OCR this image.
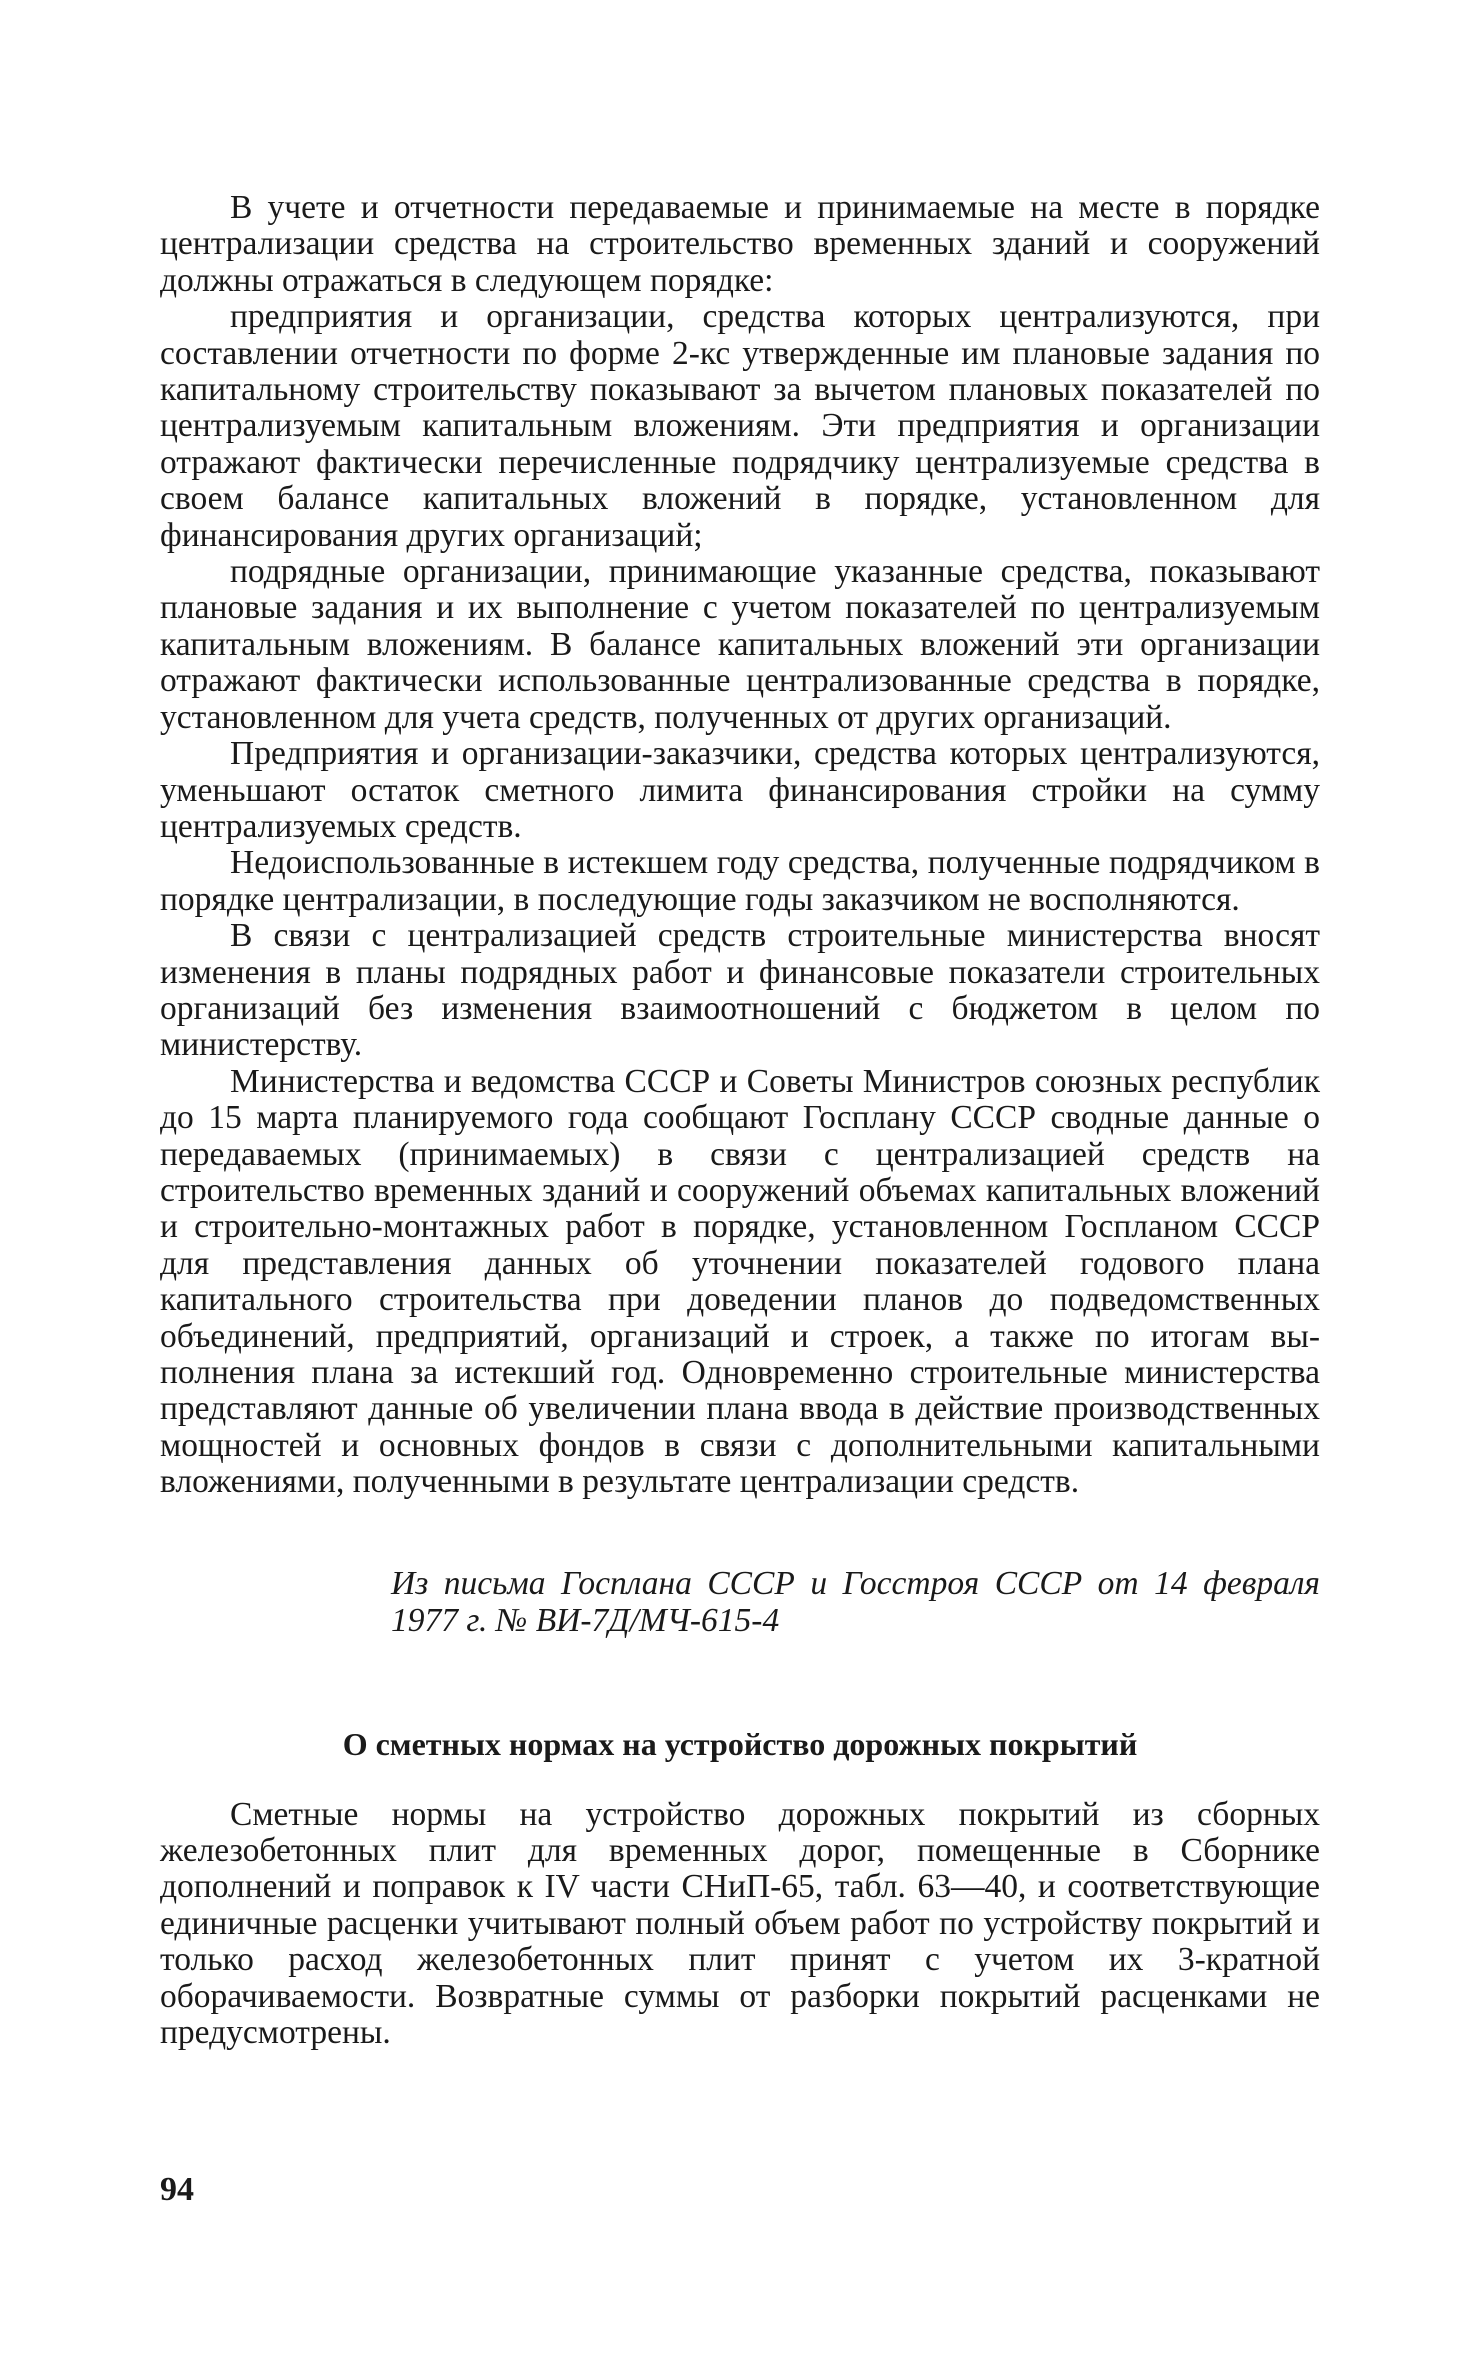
В учете и отчетности передаваемые и принимаемые на месте в порядке централизации средства на строительство временных зданий и сооружений должны отражаться в следующем порядке:

предприятия и организации, средства которых централизуются, при составлении отчетности по форме 2-кс утвержденные им плановые задания по капитальному строительству показывают за вычетом плановых показателей по централизуемым капитальным вложениям. Эти предприятия и организации отражают фактически перечисленные подрядчику централизуемые средства в своем балансе капитальных вложений в порядке, установленном для финансирования других организаций;

подрядные организации, принимающие указанные средства, показывают плановые задания и их выполнение с учетом показателей по централизуемым капитальным вложениям. В балансе капитальных вложений эти организации отражают фактически использованные централизованные средства в порядке, установленном для учета средств, полученных от других организаций.

Предприятия и организации-заказчики, средства которых централизуются, уменьшают остаток сметного лимита финансирования стройки на сумму централизуемых средств.

Недоиспользованные в истекшем году средства, полученные подрядчиком в порядке централизации, в последующие годы заказчиком не восполняются.

В связи с централизацией средств строительные министерства вносят изменения в планы подрядных работ и финансовые показатели строительных организаций без изменения взаимоотношений с бюджетом в целом по министерству.

Министерства и ведомства СССР и Советы Министров союзных республик до 15 марта планируемого года сообщают Госплану СССР сводные данные о передаваемых (принимаемых) в связи с централизацией средств на строительство временных зданий и сооружений объемах капитальных вложений и строительно-монтажных работ в порядке, установленном Госпланом СССР для представления данных об уточнении показателей годового плана капитального строительства при доведении планов до подведомственных объединений, предприятий, организаций и строек, а также по итогам выполнения плана за истекший год. Одновременно строительные министерства представляют данные об увеличении плана ввода в действие производственных мощностей и основных фондов в связи с дополнительными капитальными вложениями, полученными в результате централизации средств.

Из письма Госплана СССР и Госстроя СССР от 14 февраля 1977 г. № ВИ-7Д/МЧ-615-4
О сметных нормах на устройство дорожных покрытий

Сметные нормы на устройство дорожных покрытий из сборных железобетонных плит для временных дорог, помещенные в Сборнике дополнений и поправок к IV части СНиП-65, табл. 63—40, и соответствующие единичные расценки учитывают полный объем работ по устройству покрытий и только расход железобетонных плит принят с учетом их 3-кратной оборачиваемости. Возвратные суммы от разборки покрытий расценками не предусмотрены.

94
